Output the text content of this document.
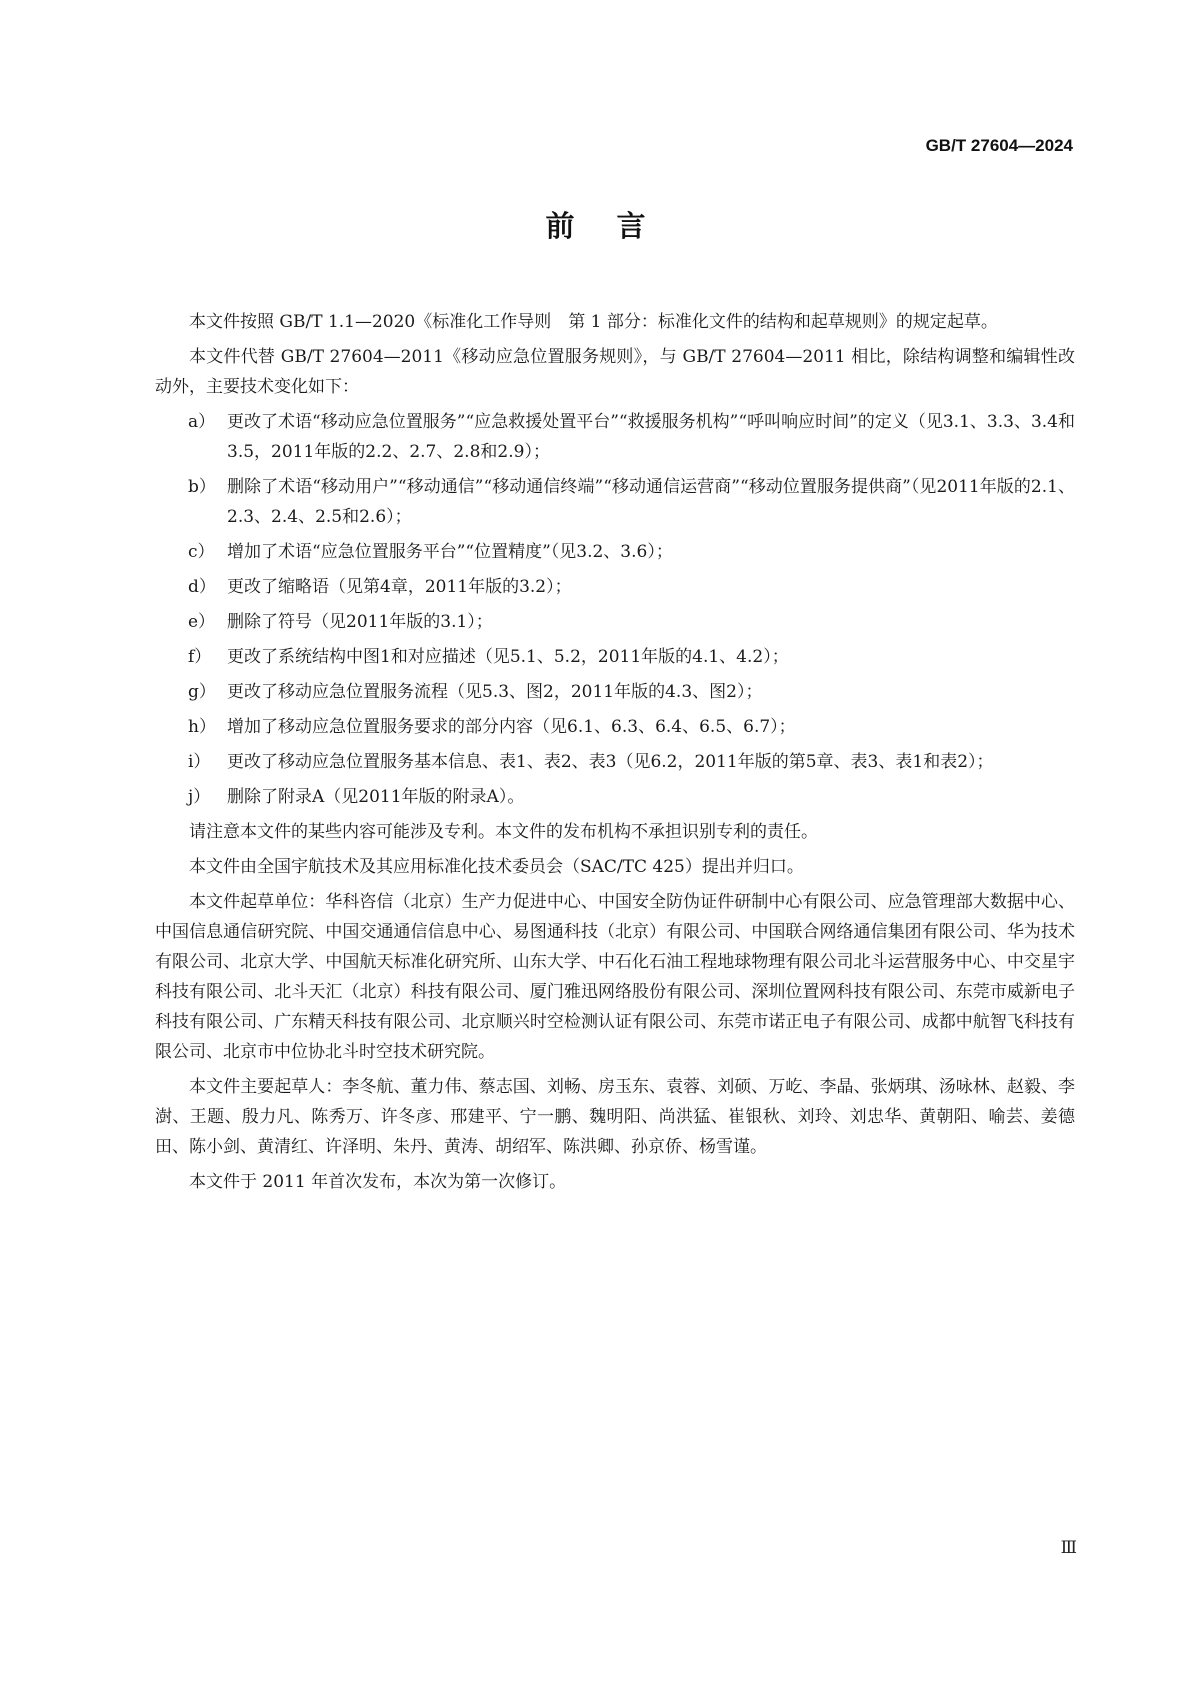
GB/T 27604—2024
前言

本文件按照 GB/T 1.1—2020《标准化工作导则　第 1 部分：标准化文件的结构和起草规则》的规定起草。

本文件代替 GB/T 27604—2011《移动应急位置服务规则》，与 GB/T 27604—2011 相比，除结构调整和编辑性改动外，主要技术变化如下：

a） 更改了术语“移动应急位置服务”“应急救援处置平台”“救援服务机构”“呼叫响应时间”的定义（见3.1、3.3、3.4和3.5，2011年版的2.2、2.7、2.8和2.9）；
b） 删除了术语“移动用户”“移动通信”“移动通信终端”“移动通信运营商”“移动位置服务提供商”（见2011年版的2.1、2.3、2.4、2.5和2.6）；
c） 增加了术语“应急位置服务平台”“位置精度”（见3.2、3.6）；
d） 更改了缩略语（见第4章，2011年版的3.2）；
e） 删除了符号（见2011年版的3.1）；
f） 更改了系统结构中图1和对应描述（见5.1、5.2，2011年版的4.1、4.2）；
g） 更改了移动应急位置服务流程（见5.3、图2，2011年版的4.3、图2）；
h） 增加了移动应急位置服务要求的部分内容（见6.1、6.3、6.4、6.5、6.7）；
i） 更改了移动应急位置服务基本信息、表1、表2、表3（见6.2，2011年版的第5章、表3、表1和表2）；
j） 删除了附录A（见2011年版的附录A）。

请注意本文件的某些内容可能涉及专利。本文件的发布机构不承担识别专利的责任。

本文件由全国宇航技术及其应用标准化技术委员会（SAC/TC 425）提出并归口。

本文件起草单位：华科咨信（北京）生产力促进中心、中国安全防伪证件研制中心有限公司、应急管理部大数据中心、中国信息通信研究院、中国交通通信信息中心、易图通科技（北京）有限公司、中国联合网络通信集团有限公司、华为技术有限公司、北京大学、中国航天标准化研究所、山东大学、中石化石油工程地球物理有限公司北斗运营服务中心、中交星宇科技有限公司、北斗天汇（北京）科技有限公司、厦门雅迅网络股份有限公司、深圳位置网科技有限公司、东莞市威新电子科技有限公司、广东精天科技有限公司、北京顺兴时空检测认证有限公司、东莞市诺正电子有限公司、成都中航智飞科技有限公司、北京市中位协北斗时空技术研究院。

本文件主要起草人：李冬航、董力伟、蔡志国、刘畅、房玉东、袁蓉、刘硕、万屹、李晶、张炳琪、汤咏林、赵毅、李澍、王题、殷力凡、陈秀万、许冬彦、邢建平、宁一鹏、魏明阳、尚洪猛、崔银秋、刘玲、刘忠华、黄朝阳、喻芸、姜德田、陈小剑、黄清红、许泽明、朱丹、黄涛、胡绍军、陈洪卿、孙京侨、杨雪谨。

本文件于 2011 年首次发布，本次为第一次修订。

Ⅲ
